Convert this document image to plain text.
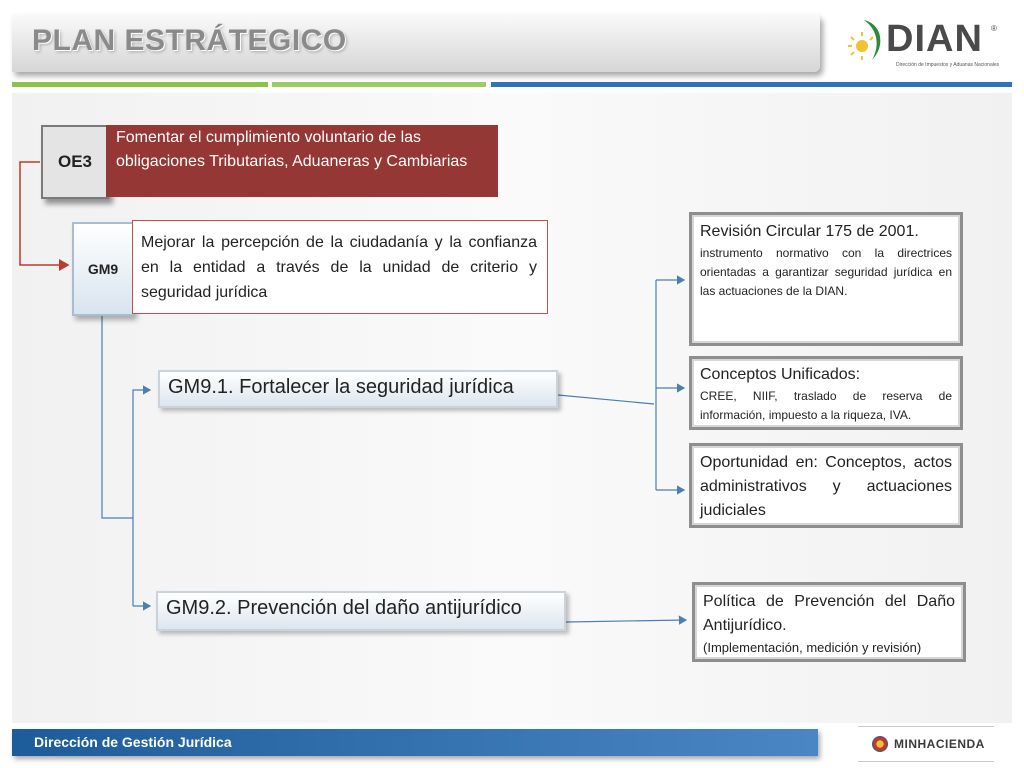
PLAN ESTRÁTEGICO	DIAN ®
Dirección de Impuestos y Aduanas Nacionales
OE3
Fomentar el cumplimiento voluntario de las obligaciones Tributarias, Aduaneras y Cambiarias
GM9
Mejorar la percepción de la ciudadanía y la confianza en la entidad a través de la unidad de criterio y seguridad jurídica
GM9.1. Fortalecer la seguridad jurídica
GM9.2. Prevención del daño antijurídico
Revisión Circular 175 de 2001.
instrumento normativo con la directrices orientadas a garantizar seguridad jurídica en las actuaciones de la DIAN.
Conceptos Unificados:
CREE, NIIF, traslado de reserva de información, impuesto a la riqueza, IVA.
Oportunidad en: Conceptos, actos administrativos y actuaciones judiciales
Política de Prevención del Daño Antijurídico.
(Implementación, medición y revisión)
Dirección de Gestión Jurídica	MINHACIENDA
